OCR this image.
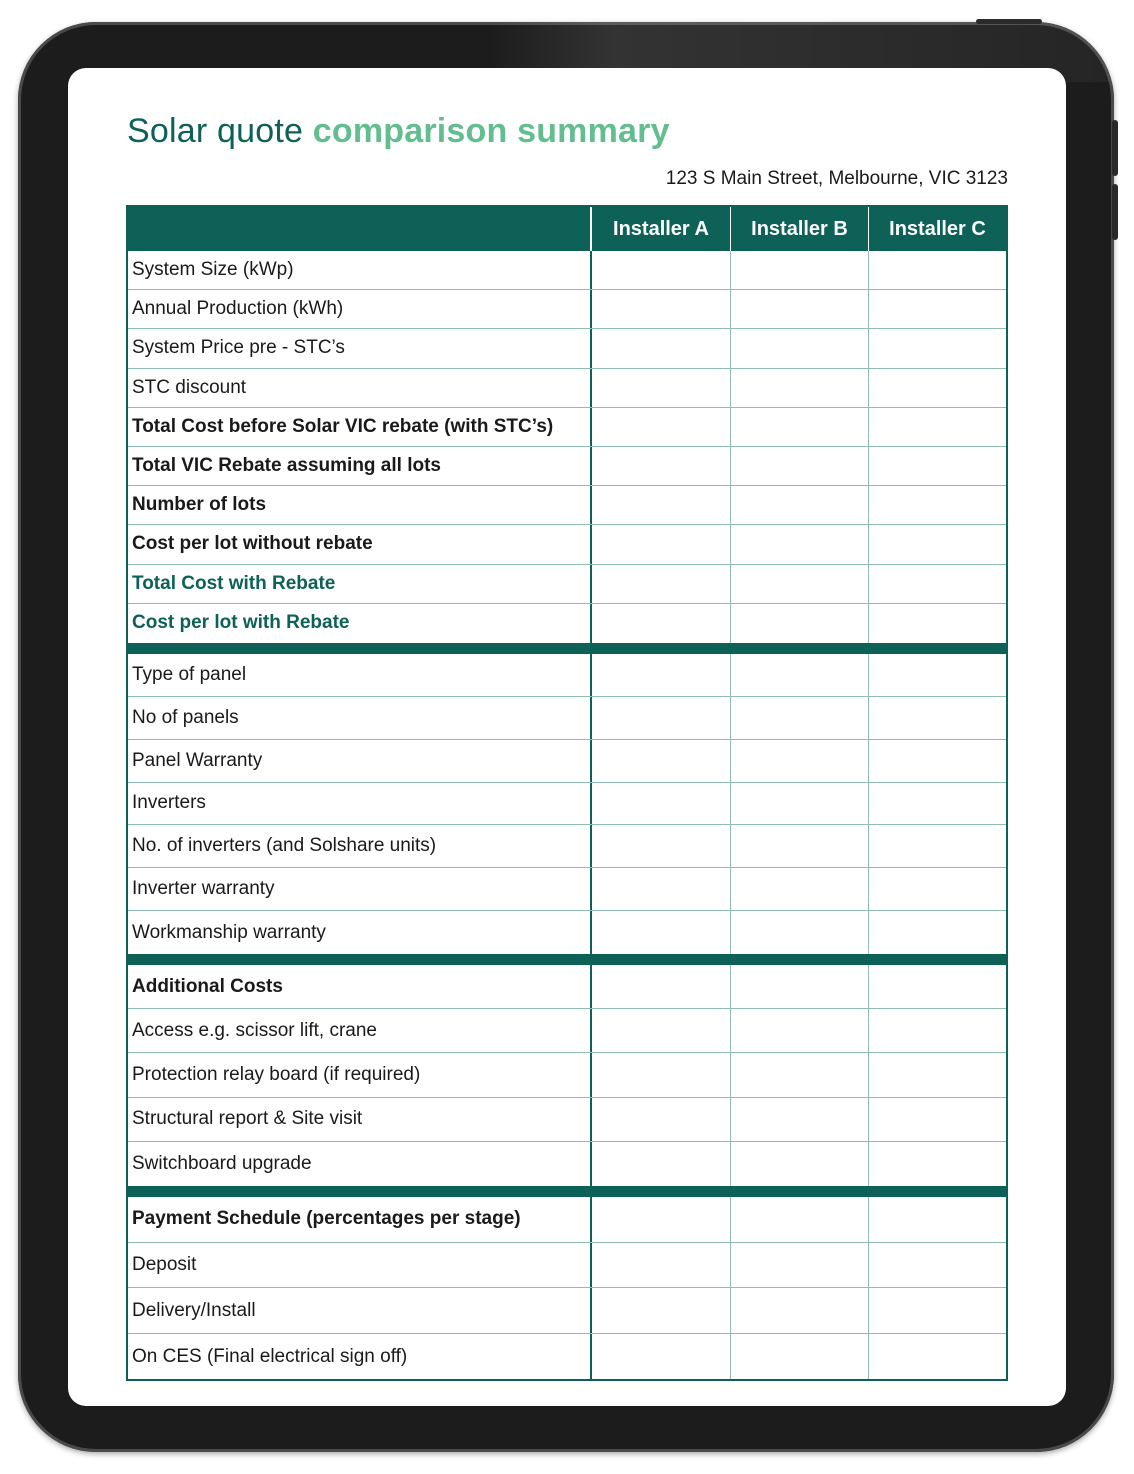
Solar quote comparison summary
123 S Main Street, Melbourne, VIC 3123
Installer A	Installer B	Installer C
System Size (kWp)
Annual Production (kWh)
System Price pre - STC’s
STC discount
Total Cost before Solar VIC rebate (with STC’s)
Total VIC Rebate assuming all lots
Number of lots
Cost per lot without rebate
Total Cost with Rebate
Cost per lot with Rebate
Type of panel
No of panels
Panel Warranty
Inverters
No. of inverters (and Solshare units)
Inverter warranty
Workmanship warranty
Additional Costs
Access e.g. scissor lift, crane
Protection relay board (if required)
Structural report & Site visit
Switchboard upgrade
Payment Schedule (percentages per stage)
Deposit
Delivery/Install
On CES (Final electrical sign off)
